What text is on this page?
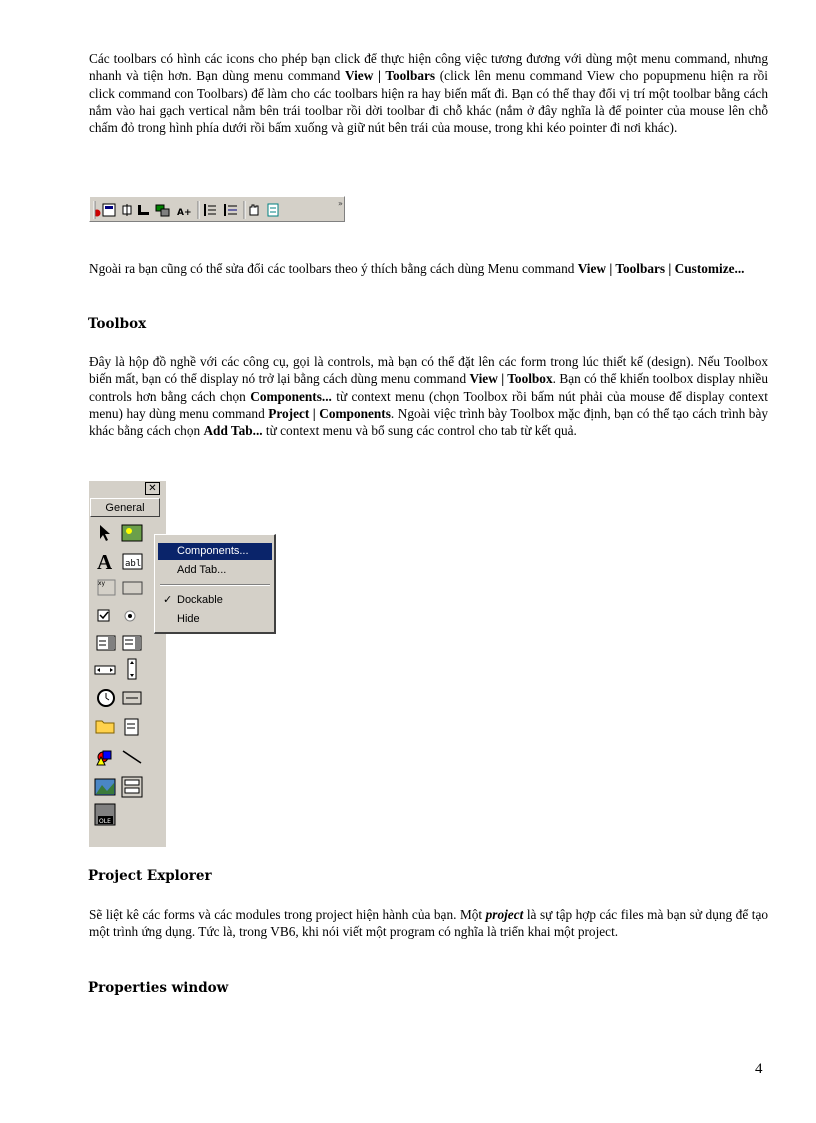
Các toolbars có hình các icons cho phép bạn click để thực hiện công việc tương đương với dùng một menu command, nhưng nhanh và tiện hơn. Bạn dùng menu command View | Toolbars (click lên menu command View cho popupmenu hiện ra rồi click command con Toolbars) để làm cho các toolbars hiện ra hay biến mất đi. Bạn có thể thay đổi vị trí một toolbar bằng cách nắm vào hai gạch vertical nằm bên trái toolbar rồi dời toolbar đi chỗ khác (nắm ở đây nghĩa là để pointer của mouse lên chỗ chấm đỏ trong hình phía dưới rồi bấm xuống và giữ nút bên trái của mouse, trong khi kéo pointer đi nơi khác).

A+
»

Ngoài ra bạn cũng có thể sửa đổi các toolbars theo ý thích bằng cách dùng Menu command View | Toolbars | Customize...

Toolbox

Đây là hộp đồ nghề với các công cụ, gọi là controls, mà bạn có thể đặt lên các form trong lúc thiết kế (design). Nếu Toolbox biến mất, bạn có thể display nó trở lại bằng cách dùng menu command View | Toolbox. Bạn có thể khiến toolbox display nhiều controls hơn bằng cách chọn Components... từ context menu (chọn Toolbox rồi bấm nút phải của mouse để display context menu) hay dùng menu command Project | Components. Ngoài việc trình bày Toolbox mặc định, bạn có thể tạo cách trình bày khác bằng cách chọn Add Tab... từ context menu và bổ sung các control cho tab từ kết quả.

✕
General
A abl
xy
OLE
Components...
Add Tab...
✓ Dockable
Hide

Project Explorer

Sẽ liệt kê các forms và các modules trong project hiện hành của bạn. Một project là sự tập hợp các files mà bạn sử dụng để tạo một trình ứng dụng. Tức là, trong VB6, khi nói viết một program có nghĩa là triển khai một project.

Properties window

4
